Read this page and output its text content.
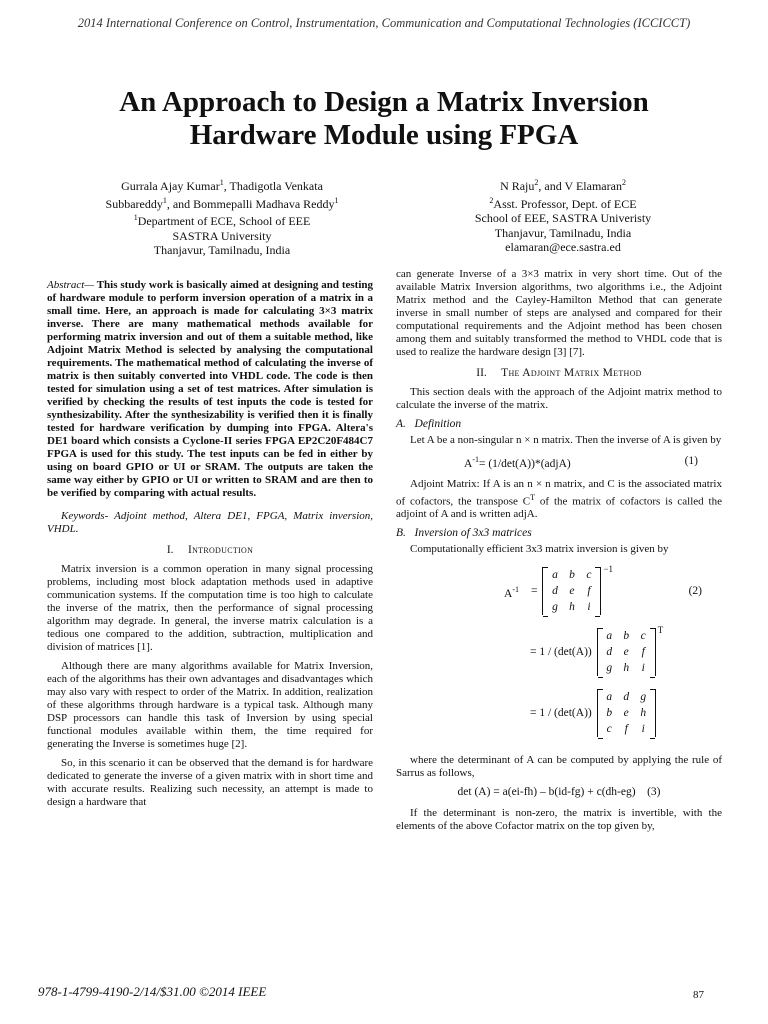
2014 International Conference on Control, Instrumentation, Communication and Computational Technologies (ICCICCT)
An Approach to Design a Matrix Inversion
Hardware Module using FPGA
Gurrala Ajay Kumar$^1$, Thadigotla Venkata
Subbareddy$^1$, and Bommepalli Madhava Reddy$^1$
$^1$Department of ECE, School of EEE
SASTRA University
Thanjavur, Tamilnadu, India
N Raju$^2$, and V Elamaran$^2$
$^2$Asst. Professor, Dept. of ECE
School of EEE, SASTRA Univeristy
Thanjavur, Tamilnadu, India
elamaran@ece.sastra.ed

Abstract— This study work is basically aimed at designing and testing of hardware module to perform inversion operation of a matrix in a small time. Here, an approach is made for calculating 3×3 matrix inverse. There are many mathematical methods available for performing matrix inversion and out of them a suitable method, like Adjoint Matrix Method is selected by analysing the computational requirements. The mathematical method of calculating the inverse of matrix is then suitably converted into VHDL code. The code is then tested for simulation using a set of test matrices. After simulation is verified by checking the results of test inputs the code is tested for synthesizability. After the synthesizability is verified then it is finally tested for hardware verification by dumping into FPGA. Altera's DE1 board which consists a Cyclone-II series FPGA EP2C20F484C7 FPGA is used for this study. The test inputs can be fed in either by using on board GPIO or UI or SRAM. The outputs are taken the same way either by GPIO or UI or written to SRAM and are then to be verified by comparing with actual results.

Keywords- Adjoint method, Altera DE1, FPGA, Matrix inversion, VHDL.

I. Introduction

Matrix inversion is a common operation in many signal processing problems, including most block adaptation methods used in adaptive communication systems. If the computation time is too high to calculate the inverse of the matrix, then the performance of signal processing algorithm may degrade. In general, the inverse matrix calculation is a tedious one compared to the addition, subtraction, multiplication and division of matrices [1].

Although there are many algorithms available for Matrix Inversion, each of the algorithms has their own advantages and disadvantages which may also vary with respect to order of the Matrix. In addition, realization of these algorithms through hardware is a typical task. Although many DSP processors can handle this task of Inversion by using special functional modules available within them, the time required for generating the Inverse is sometimes huge [2].

So, in this scenario it can be observed that the demand is for hardware dedicated to generate the inverse of a given matrix with in short time and with accurate results. Realizing such necessity, an attempt is made to design a hardware that

can generate Inverse of a 3×3 matrix in very short time. Out of the available Matrix Inversion algorithms, two algorithms i.e., the Adjoint Matrix method and the Cayley-Hamilton Method that can generate inverse in small number of steps are analysed and compared for their computational requirements and the Adjoint method has been chosen among them and suitably transformed the method to VHDL code that is used to realize the hardware design [3] [7].

II. The Adjoint Matrix Method

This section deals with the approach of the Adjoint matrix method to calculate the inverse of the matrix.

A. Definition

Let A be a non-singular n × n matrix. Then the inverse of A is given by

$A^{-1}=$ (1/det(A))*(adjA)	(1)

Adjoint Matrix: If A is an n × n matrix, and C is the associated matrix of cofactors, the transpose $C^T$ of the matrix of cofactors is called the adjoint of A and is written adjA.

B. Inversion of 3x3 matrices

Computationally efficient 3x3 matrix inversion is given by

$A^{-1}$ =
a b	c
d	e	f
g h	i
−1
(2)
= 1 / (det(A))
a b	c
d	e	f
g h	i
T
= 1 / (det(A))
a d g
b	e	h
c	f	i

where the determinant of A can be computed by applying the rule of Sarrus as follows,

det (A) = a(ei-fh) – b(id-fg) + c(dh-eg) (3)

If the determinant is non-zero, the matrix is invertible, with the elements of the above Cofactor matrix on the top given by,

978-1-4799-4190-2/14/$31.00 ©2014 IEEE	87
